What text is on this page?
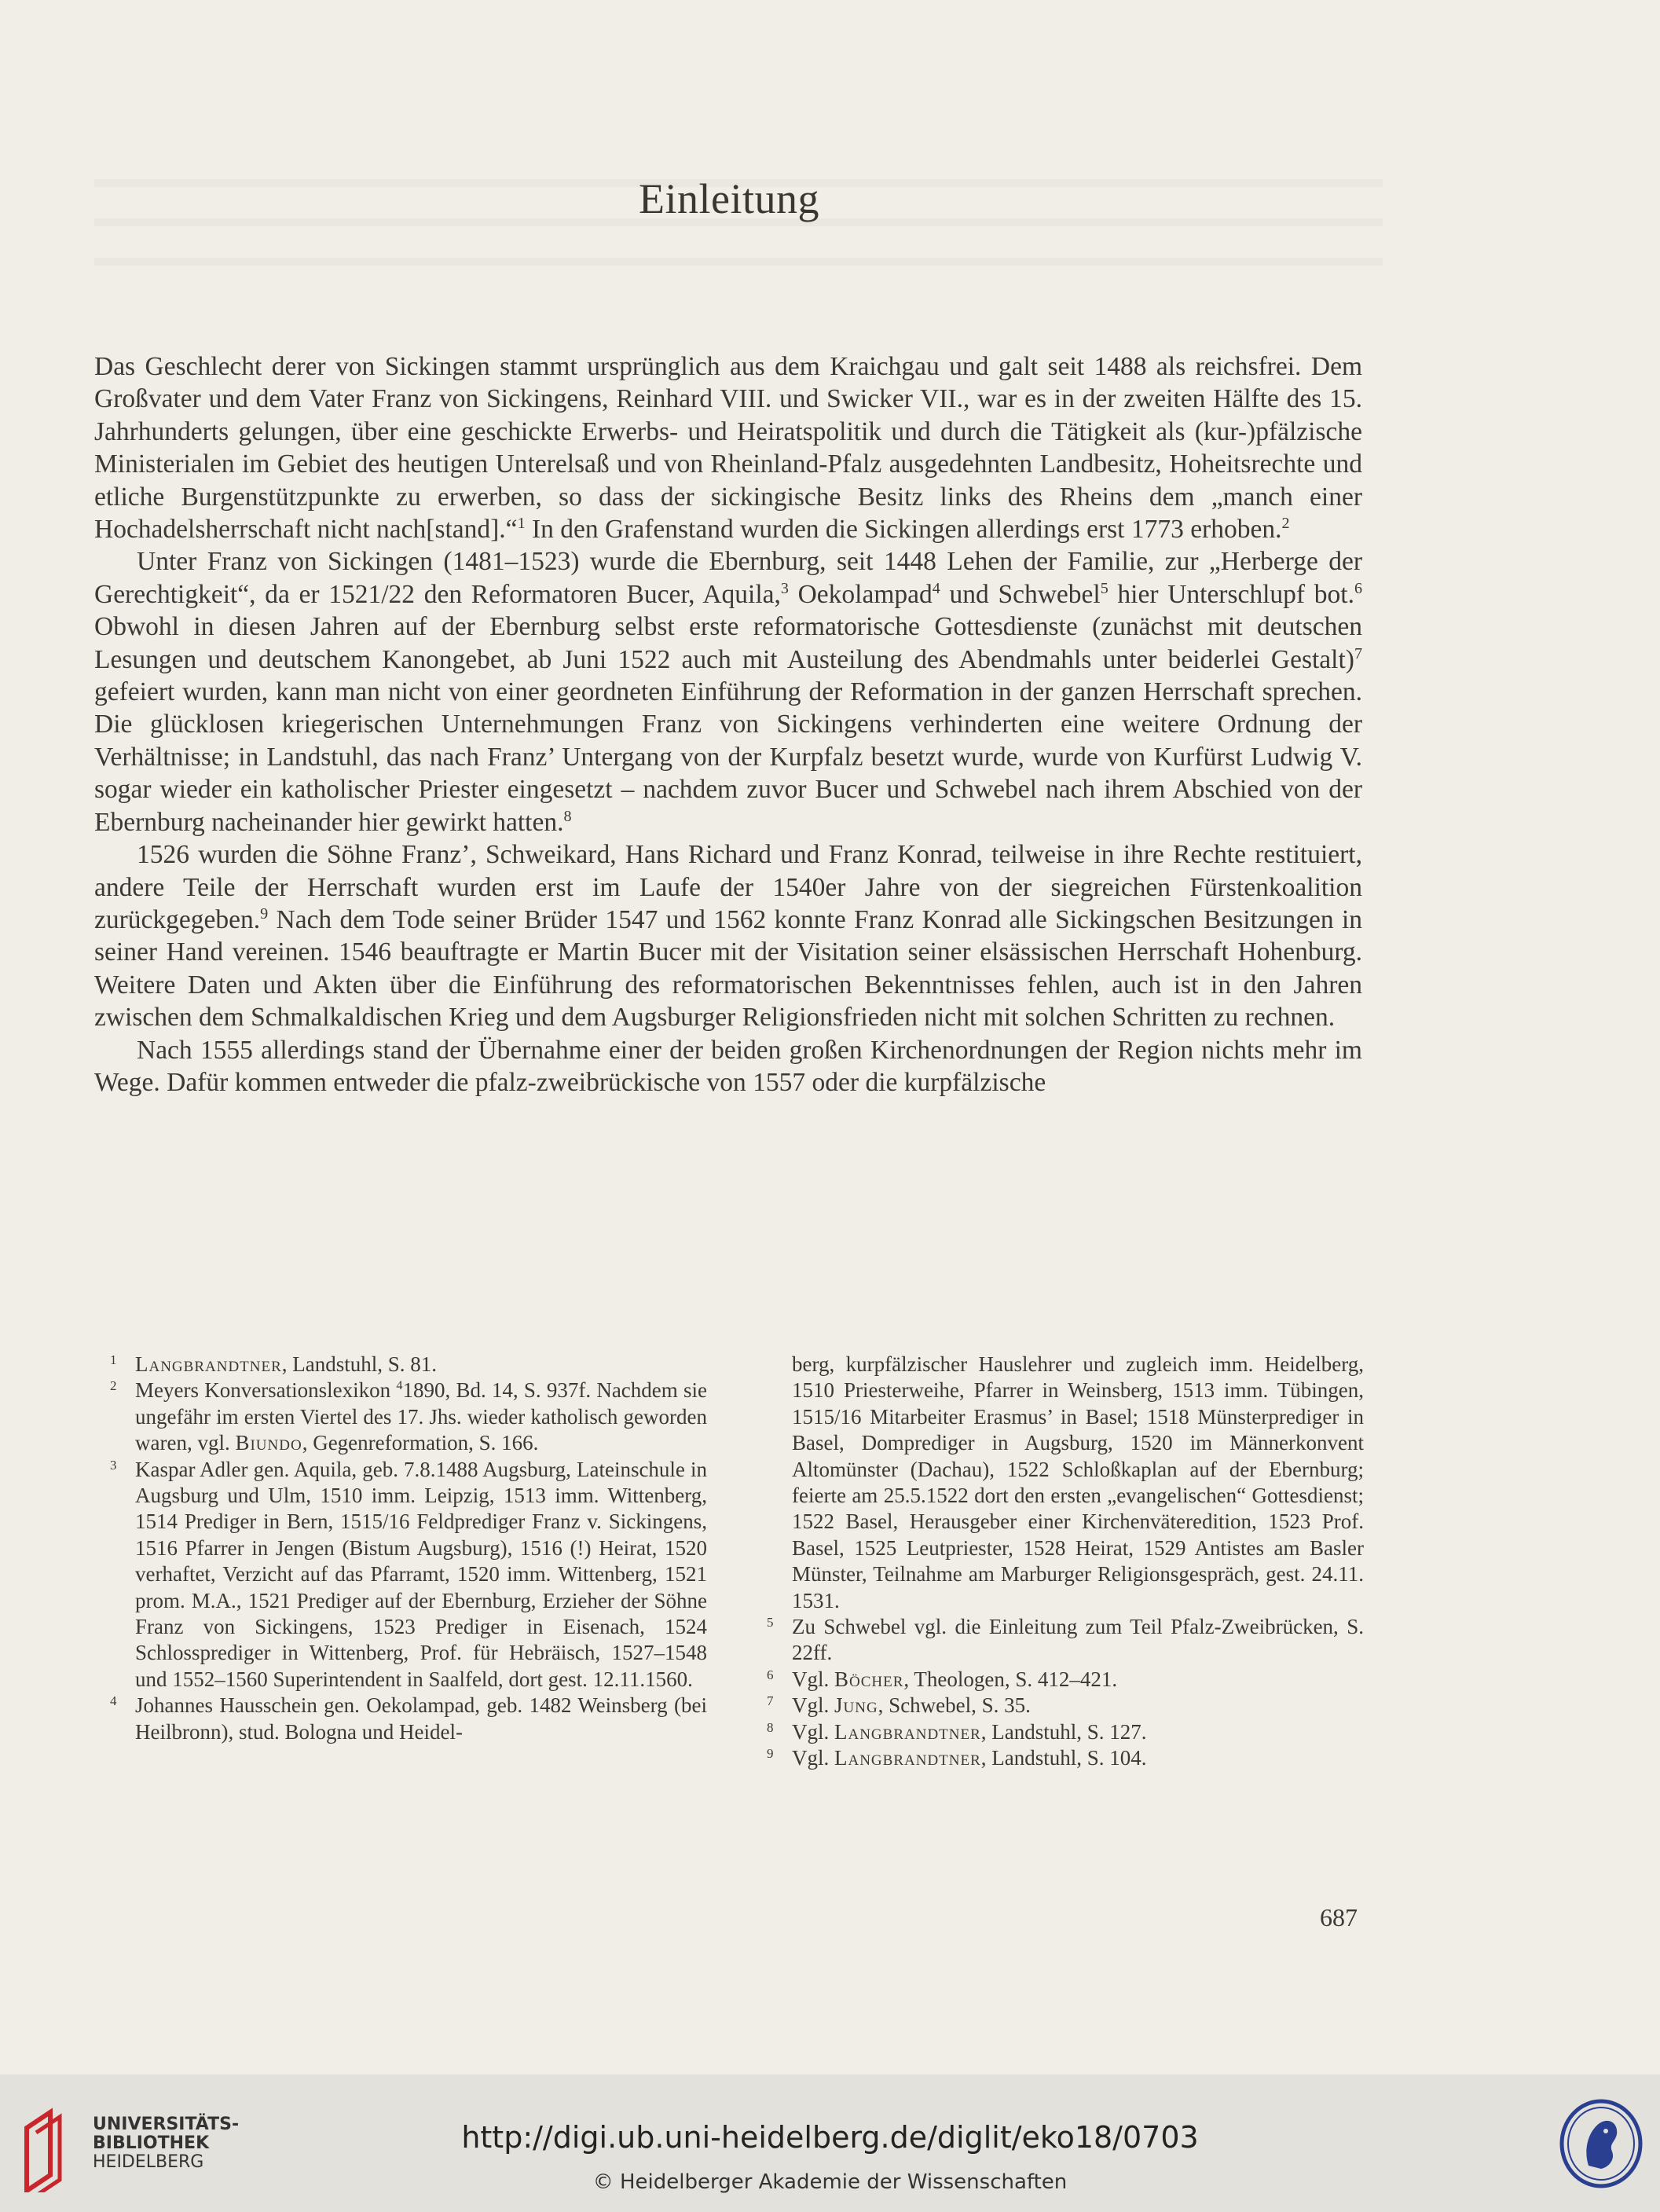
Einleitung

Das Geschlecht derer von Sickingen stammt ursprünglich aus dem Kraichgau und galt seit 1488 als reichsfrei. Dem Großvater und dem Vater Franz von Sickingens, Reinhard VIII. und Swicker VII., war es in der zweiten Hälfte des 15. Jahrhunderts gelungen, über eine geschickte Erwerbs- und Heiratspolitik und durch die Tätigkeit als (kur-)pfälzische Ministerialen im Gebiet des heutigen Unterelsaß und von Rheinland-Pfalz ausgedehnten Landbesitz, Hoheitsrechte und etliche Burgenstützpunkte zu erwerben, so dass der sickingische Besitz links des Rheins dem „manch einer Hochadelsherrschaft nicht nach[stand].“$^1$ In den Grafenstand wurden die Sickingen allerdings erst 1773 erhoben.$^2$

Unter Franz von Sickingen (1481–1523) wurde die Ebernburg, seit 1448 Lehen der Familie, zur „Herberge der Gerechtigkeit“, da er 1521/22 den Reformatoren Bucer, Aquila,$^3$ Oekolampad$^4$ und Schwebel$^5$ hier Unterschlupf bot.$^6$ Obwohl in diesen Jahren auf der Ebernburg selbst erste reformatorische Gottesdienste (zunächst mit deutschen Lesungen und deutschem Kanongebet, ab Juni 1522 auch mit Austeilung des Abendmahls unter beiderlei Gestalt)$^7$ gefeiert wurden, kann man nicht von einer geordneten Einführung der Reformation in der ganzen Herrschaft sprechen. Die glücklosen kriegerischen Unternehmungen Franz von Sickingens verhinderten eine weitere Ordnung der Verhältnisse; in Landstuhl, das nach Franz’ Untergang von der Kurpfalz besetzt wurde, wurde von Kurfürst Ludwig V. sogar wieder ein katholischer Priester eingesetzt – nachdem zuvor Bucer und Schwebel nach ihrem Abschied von der Ebernburg nacheinander hier gewirkt hatten.$^8$

1526 wurden die Söhne Franz’, Schweikard, Hans Richard und Franz Konrad, teilweise in ihre Rechte restituiert, andere Teile der Herrschaft wurden erst im Laufe der 1540er Jahre von der siegreichen Fürstenkoalition zurückgegeben.$^9$ Nach dem Tode seiner Brüder 1547 und 1562 konnte Franz Konrad alle Sickingschen Besitzungen in seiner Hand vereinen. 1546 beauftragte er Martin Bucer mit der Visitation seiner elsässischen Herrschaft Hohenburg. Weitere Daten und Akten über die Einführung des reformatorischen Bekenntnisses fehlen, auch ist in den Jahren zwischen dem Schmalkaldischen Krieg und dem Augsburger Religionsfrieden nicht mit solchen Schritten zu rechnen.

Nach 1555 allerdings stand der Übernahme einer der beiden großen Kirchenordnungen der Region nichts mehr im Wege. Dafür kommen entweder die pfalz-zweibrückische von 1557 oder die kurpfälzische

1 Langbrandtner, Landstuhl, S. 81.

2 Meyers Konversationslexikon $^4$1890, Bd. 14, S. 937f. Nachdem sie ungefähr im ersten Viertel des 17. Jhs. wieder katholisch geworden waren, vgl. Biundo, Gegenreformation, S. 166.

3 Kaspar Adler gen. Aquila, geb. 7.8.1488 Augsburg, Lateinschule in Augsburg und Ulm, 1510 imm. Leipzig, 1513 imm. Wittenberg, 1514 Prediger in Bern, 1515/16 Feldprediger Franz v. Sickingens, 1516 Pfarrer in Jengen (Bistum Augsburg), 1516 (!) Heirat, 1520 verhaftet, Verzicht auf das Pfarramt, 1520 imm. Wittenberg, 1521 prom. M.A., 1521 Prediger auf der Ebernburg, Erzieher der Söhne Franz von Sickingens, 1523 Prediger in Eisenach, 1524 Schlossprediger in Wittenberg, Prof. für Hebräisch, 1527–1548 und 1552–1560 Superintendent in Saalfeld, dort gest. 12.11.1560.

4 Johannes Hausschein gen. Oekolampad, geb. 1482 Weinsberg (bei Heilbronn), stud. Bologna und Heidel-

berg, kurpfälzischer Hauslehrer und zugleich imm. Heidelberg, 1510 Priesterweihe, Pfarrer in Weinsberg, 1513 imm. Tübingen, 1515/16 Mitarbeiter Erasmus’ in Basel; 1518 Münsterprediger in Basel, Domprediger in Augsburg, 1520 im Männerkonvent Altomünster (Dachau), 1522 Schloßkaplan auf der Ebernburg; feierte am 25.5.1522 dort den ersten „evangelischen“ Gottesdienst; 1522 Basel, Herausgeber einer Kirchenväteredition, 1523 Prof. Basel, 1525 Leutpriester, 1528 Heirat, 1529 Antistes am Basler Münster, Teilnahme am Marburger Religionsgespräch, gest. 24.11. 1531.

5 Zu Schwebel vgl. die Einleitung zum Teil Pfalz-Zweibrücken, S. 22ff.

6 Vgl. Böcher, Theologen, S. 412–421.

7 Vgl. Jung, Schwebel, S. 35.

8 Vgl. Langbrandtner, Landstuhl, S. 127.

9 Vgl. Langbrandtner, Landstuhl, S. 104.

687
UNIVERSITÄTS-
BIBLIOTHEK
HEIDELBERG
http://digi.ub.uni-heidelberg.de/diglit/eko18/0703
© Heidelberger Akademie der Wissenschaften
